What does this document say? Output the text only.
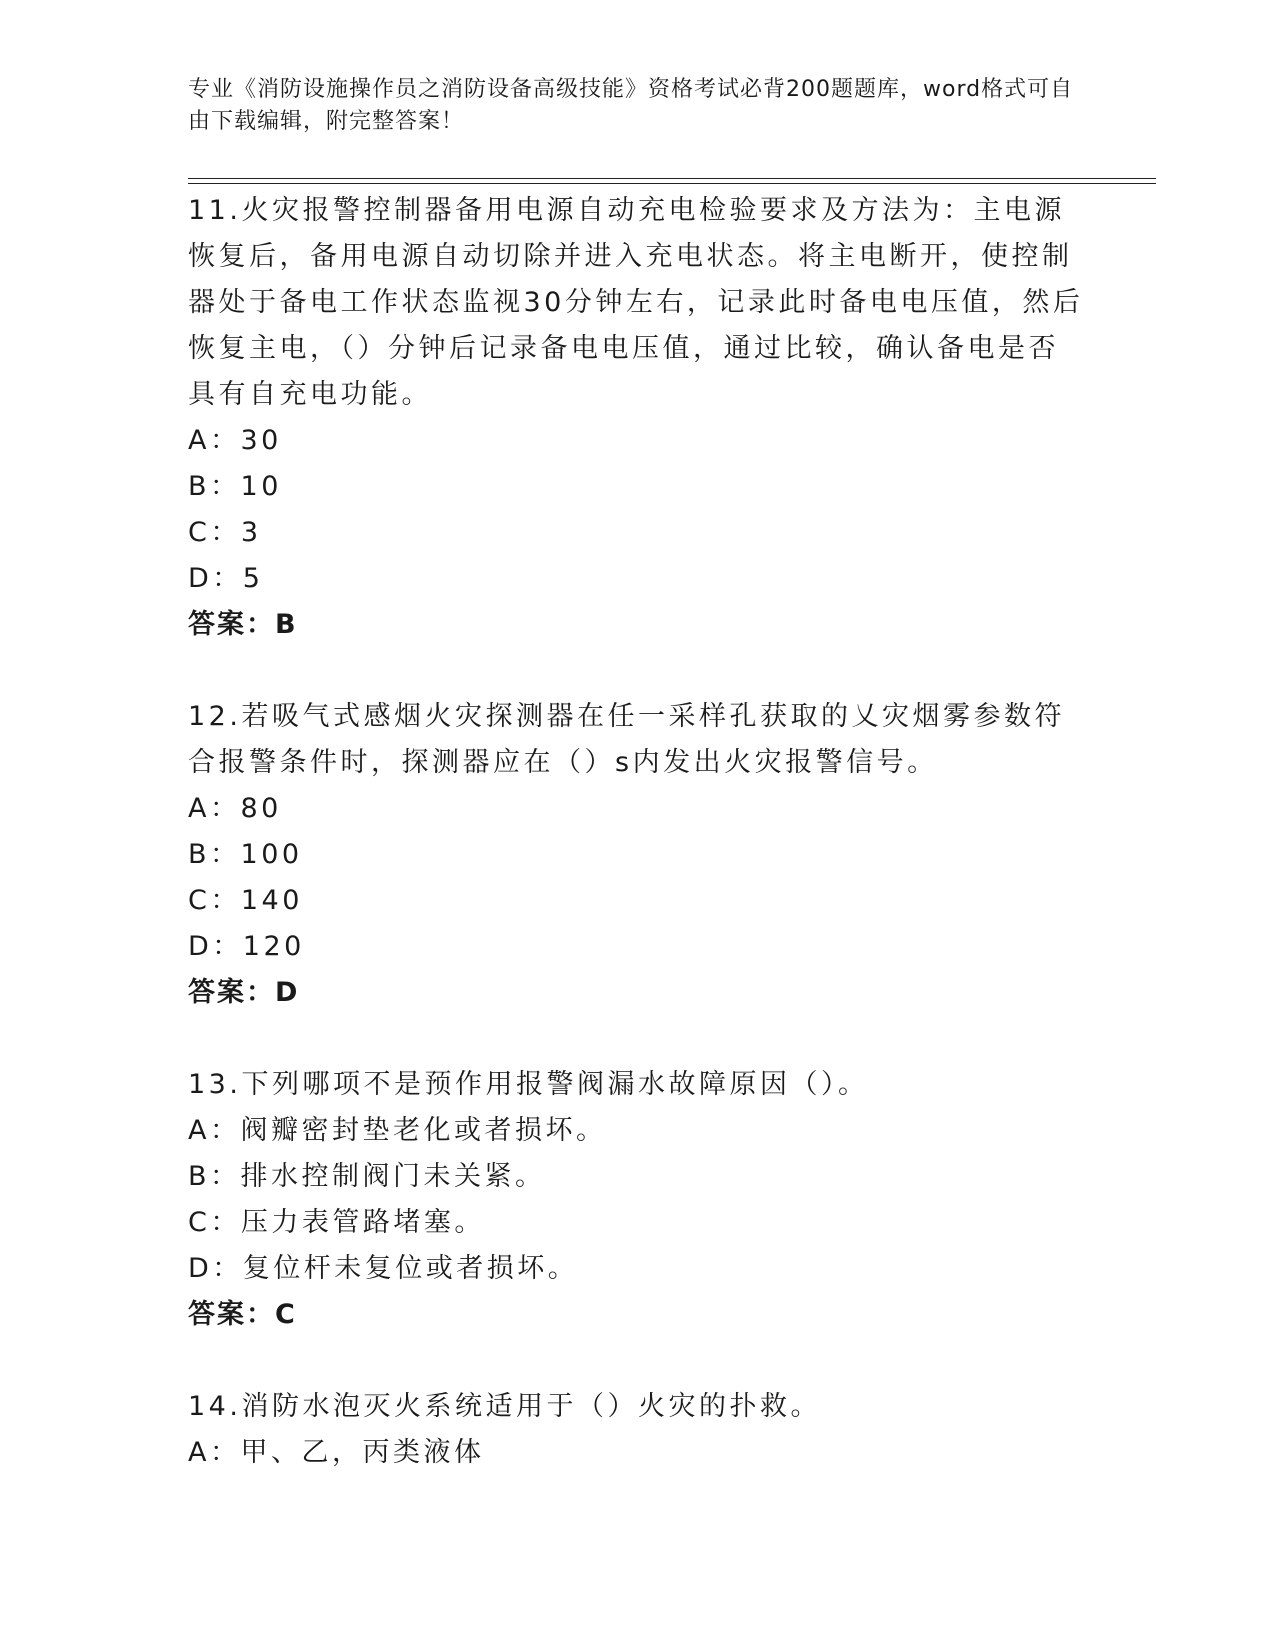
专业《消防设施操作员之消防设备高级技能》资格考试必背200题题库，word格式可自由下载编辑，附完整答案！

11.火灾报警控制器备用电源自动充电检验要求及方法为：主电源恢复后，备用电源自动切除并进入充电状态。将主电断开，使控制器处于备电工作状态监视30分钟左右，记录此时备电电压值，然后恢复主电，（）分钟后记录备电电压值，通过比较，确认备电是否具有自充电功能。

A：30

B：10

C：3

D：5

答案：B

12.若吸气式感烟火灾探测器在任一采样孔获取的乂灾烟雾参数符合报警条件时，探测器应在（）s内发出火灾报警信号。

A：80

B：100

C：140

D：120

答案：D

13.下列哪项不是预作用报警阀漏水故障原因（）。

A：阀瓣密封垫老化或者损坏。

B：排水控制阀门未关紧。

C：压力表管路堵塞。

D：复位杆未复位或者损坏。

答案：C

14.消防水泡灭火系统适用于（）火灾的扑救。

A：甲、乙，丙类液体
